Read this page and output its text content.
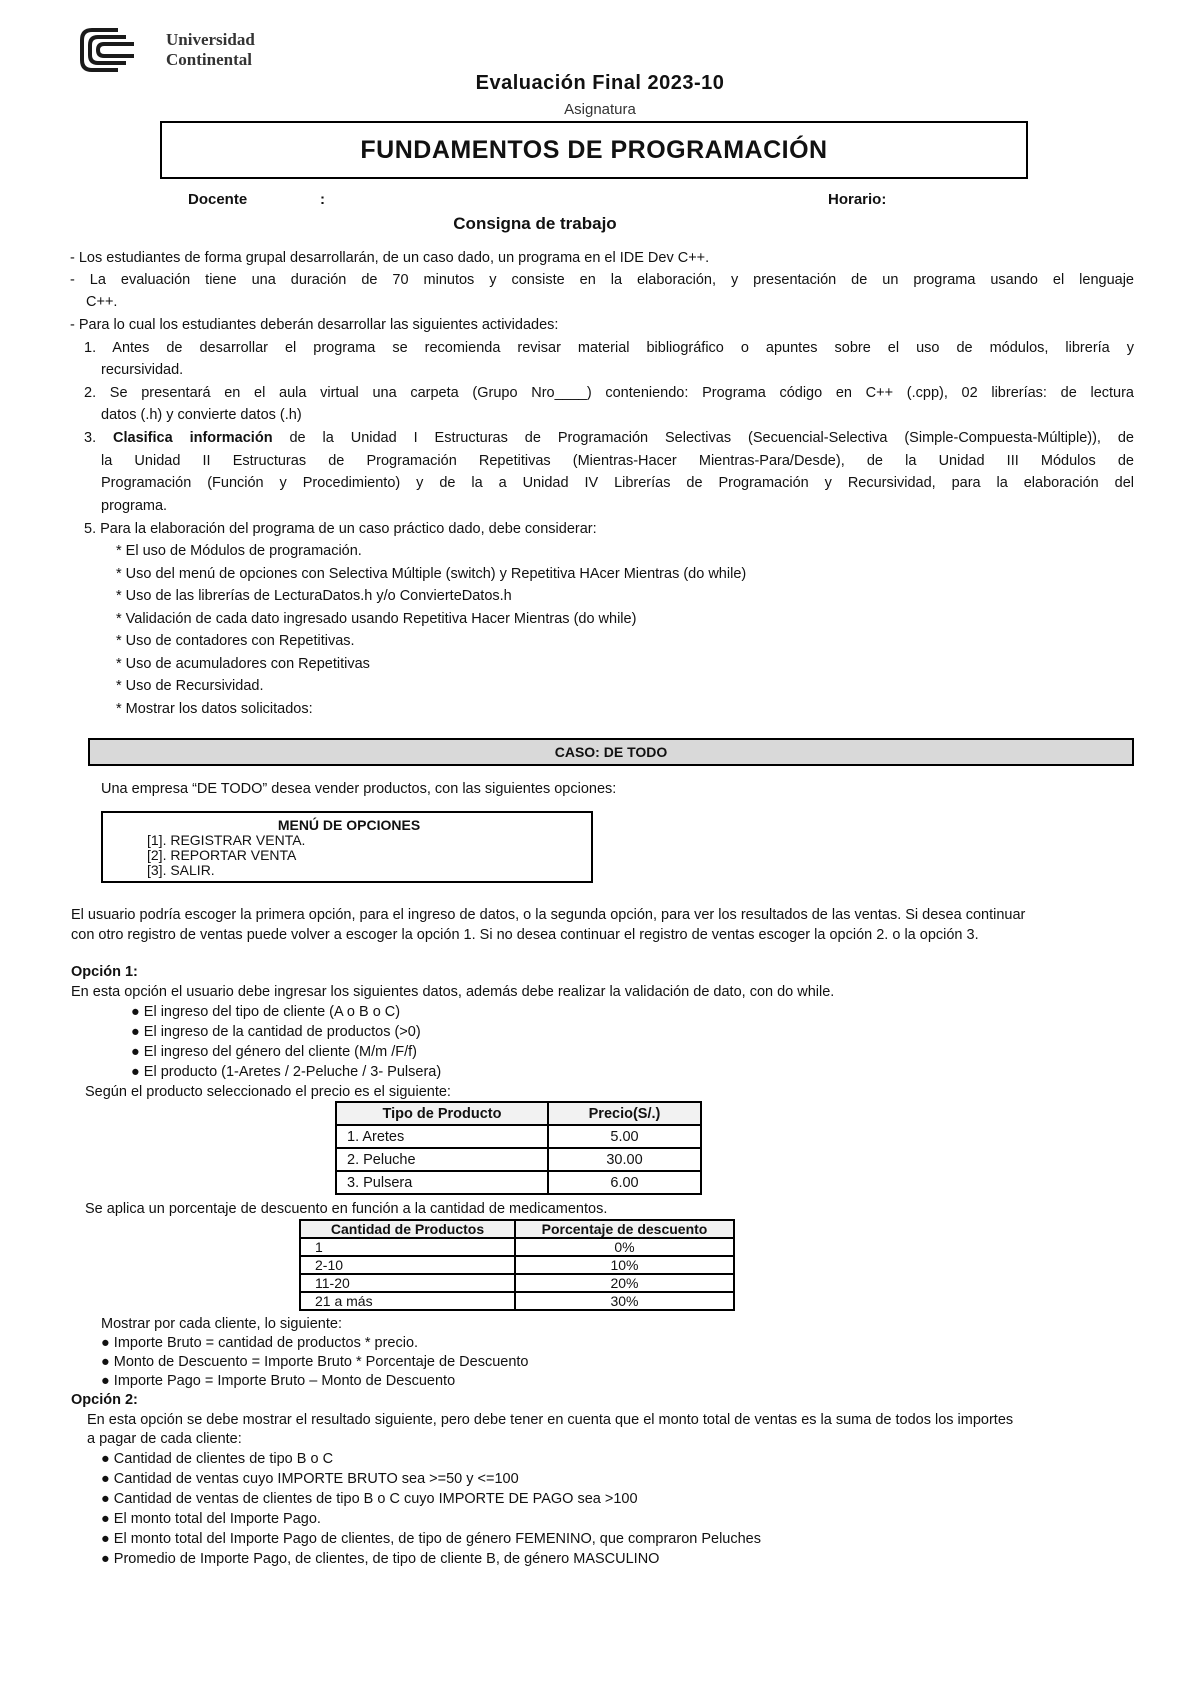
Universidad
Continental
Evaluación Final 2023-10
Asignatura
FUNDAMENTOS DE PROGRAMACIÓN
Docente	:	Horario:
Consigna de trabajo
- Los estudiantes de forma grupal desarrollarán, de un caso dado, un programa en el IDE Dev C++.
- La evaluación tiene una duración de 70 minutos y consiste en la elaboración, y presentación de un programa usando el lenguaje
C++.
- Para lo cual los estudiantes deberán desarrollar las siguientes actividades:
1. Antes de desarrollar el programa se recomienda revisar material bibliográfico o apuntes sobre el uso de módulos, librería y
recursividad.
2. Se presentará en el aula virtual una carpeta (Grupo Nro____) conteniendo: Programa código en C++ (.cpp), 02 librerías: de lectura
datos (.h) y convierte datos (.h)
3. Clasifica información de la Unidad I Estructuras de Programación Selectivas (Secuencial-Selectiva (Simple-Compuesta-Múltiple)), de
la Unidad II Estructuras de Programación Repetitivas (Mientras-Hacer Mientras-Para/Desde), de la Unidad III Módulos de
Programación (Función y Procedimiento) y de la a Unidad IV Librerías de Programación y Recursividad, para la elaboración del
programa.
5. Para la elaboración del programa de un caso práctico dado, debe considerar:
* El uso de Módulos de programación.
* Uso del menú de opciones con Selectiva Múltiple (switch) y Repetitiva HAcer Mientras (do while)
* Uso de las librerías de LecturaDatos.h y/o ConvierteDatos.h
* Validación de cada dato ingresado usando Repetitiva Hacer Mientras (do while)
* Uso de contadores con Repetitivas.
* Uso de acumuladores con Repetitivas
* Uso de Recursividad.
* Mostrar los datos solicitados:
CASO: DE TODO
Una empresa “DE TODO” desea vender productos, con las siguientes opciones:
MENÚ DE OPCIONES
[1]. REGISTRAR VENTA.
[2]. REPORTAR VENTA
[3]. SALIR.
El usuario podría escoger la primera opción, para el ingreso de datos, o la segunda opción, para ver los resultados de las ventas. Si desea continuar
con otro registro de ventas puede volver a escoger la opción 1. Si no desea continuar el registro de ventas escoger la opción 2. o la opción 3.
Opción 1:
En esta opción el usuario debe ingresar los siguientes datos, además debe realizar la validación de dato, con do while.
● El ingreso del tipo de cliente (A o B o C)
● El ingreso de la cantidad de productos (>0)
● El ingreso del género del cliente (M/m /F/f)
● El producto (1-Aretes / 2-Peluche / 3- Pulsera)
Según el producto seleccionado el precio es el siguiente:
Tipo de Producto	Precio(S/.)
1. Aretes	5.00
2. Peluche	30.00
3. Pulsera	6.00
Se aplica un porcentaje de descuento en función a la cantidad de medicamentos.
Cantidad de Productos	Porcentaje de descuento
1	0%
2-10	10%
11-20	20%
21 a más	30%
Mostrar por cada cliente, lo siguiente:
● Importe Bruto = cantidad de productos * precio.
● Monto de Descuento = Importe Bruto * Porcentaje de Descuento
● Importe Pago = Importe Bruto – Monto de Descuento
Opción 2:
En esta opción se debe mostrar el resultado siguiente, pero debe tener en cuenta que el monto total de ventas es la suma de todos los importes
a pagar de cada cliente:
● Cantidad de clientes de tipo B o C
● Cantidad de ventas cuyo IMPORTE BRUTO sea >=50 y <=100
● Cantidad de ventas de clientes de tipo B o C cuyo IMPORTE DE PAGO sea >100
● El monto total del Importe Pago.
● El monto total del Importe Pago de clientes, de tipo de género FEMENINO, que compraron Peluches
● Promedio de Importe Pago, de clientes, de tipo de cliente B, de género MASCULINO
